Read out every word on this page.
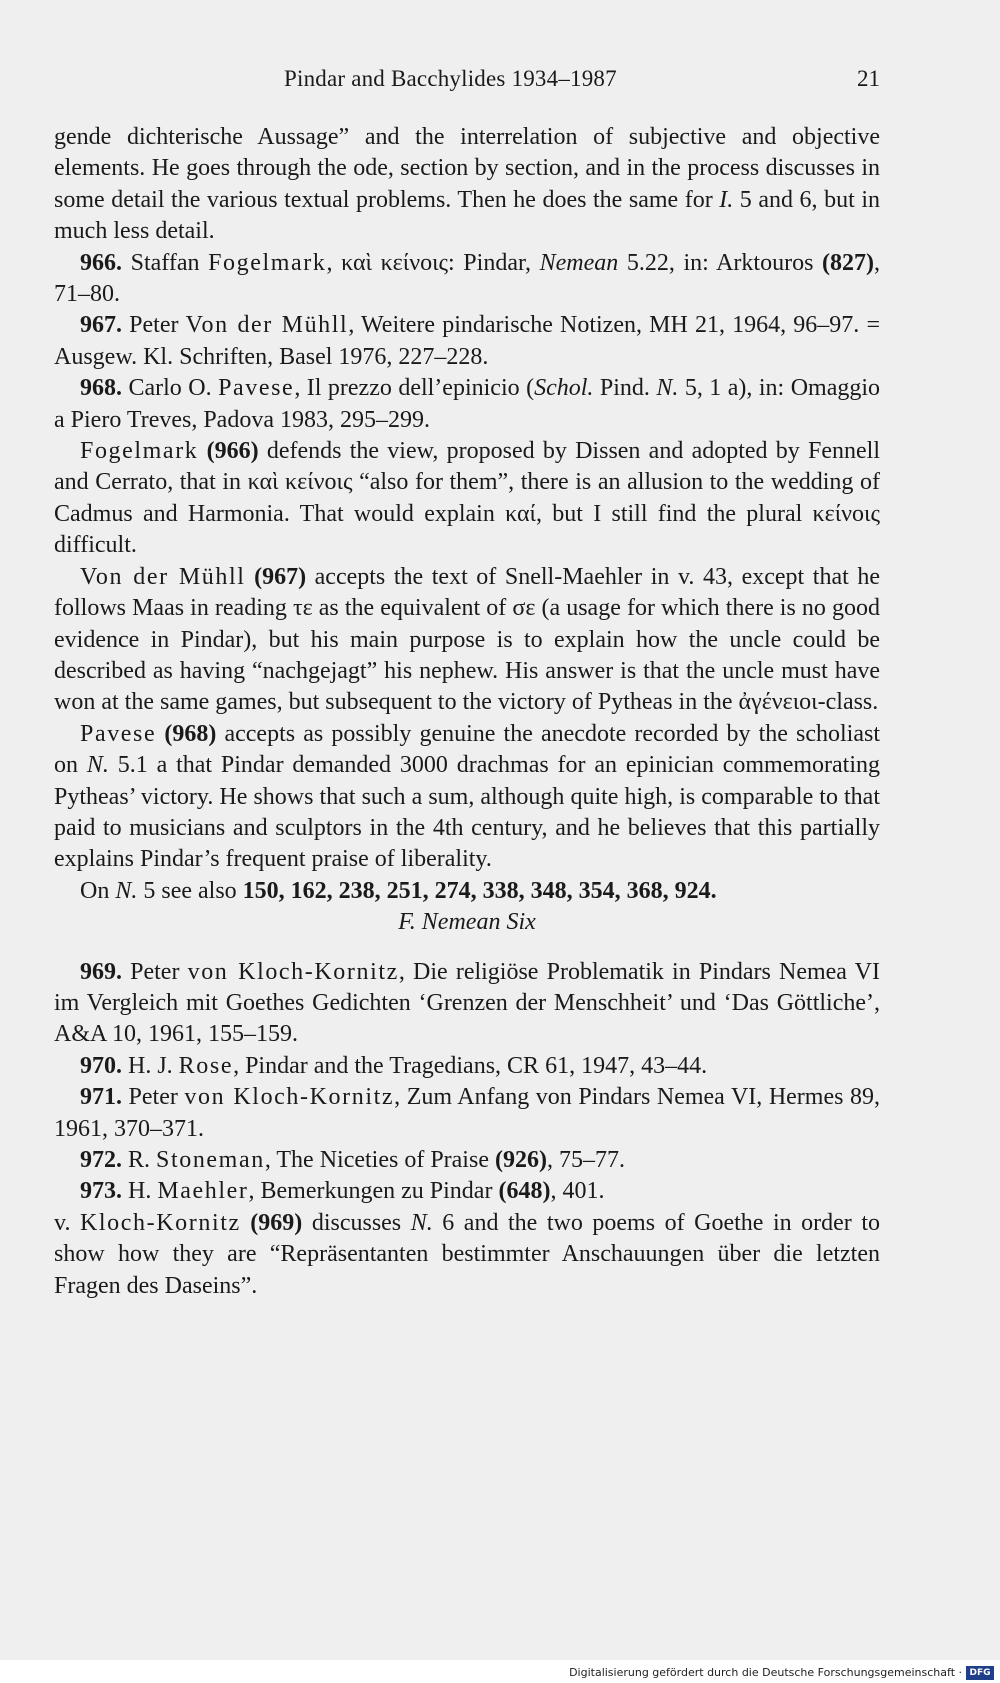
Pindar and Bacchylides 1934–1987	21

gende dichterische Aussage” and the interrelation of subjective and objective elements. He goes through the ode, section by section, and in the process discusses in some detail the various textual problems. Then he does the same for I. 5 and 6, but in much less detail.

966. Staffan Fogelmark, καὶ κείνοις: Pindar, Nemean 5.22, in: Arktouros (827), 71–80.

967. Peter Von der Mühll, Weitere pindarische Notizen, MH 21, 1964, 96–97. = Ausgew. Kl. Schriften, Basel 1976, 227–228.

968. Carlo O. Pavese, Il prezzo dell’epinicio (Schol. Pind. N. 5, 1 a), in: Omaggio a Piero Treves, Padova 1983, 295–299.

Fogelmark (966) defends the view, proposed by Dissen and adopted by Fennell and Cerrato, that in καὶ κείνοις “also for them”, there is an allusion to the wedding of Cadmus and Harmonia. That would explain καί, but I still find the plural κείνοις difficult.

Von der Mühll (967) accepts the text of Snell-Maehler in v. 43, except that he follows Maas in reading τε as the equivalent of σε (a usage for which there is no good evidence in Pindar), but his main purpose is to explain how the uncle could be described as having “nachgejagt” his nephew. His answer is that the uncle must have won at the same games, but subsequent to the victory of Pytheas in the ἀγένειοι-class.

Pavese (968) accepts as possibly genuine the anecdote recorded by the scholiast on N. 5.1 a that Pindar demanded 3000 drachmas for an epinician commemorating Pytheas’ victory. He shows that such a sum, although quite high, is comparable to that paid to musicians and sculptors in the 4th century, and he believes that this partially explains Pindar’s frequent praise of liberality.

On N. 5 see also 150, 162, 238, 251, 274, 338, 348, 354, 368, 924.

F. Nemean Six

969. Peter von Kloch-Kornitz, Die religiöse Problematik in Pindars Nemea VI im Vergleich mit Goethes Gedichten ‘Grenzen der Menschheit’ und ‘Das Göttliche’, A&A 10, 1961, 155–159.

970. H. J. Rose, Pindar and the Tragedians, CR 61, 1947, 43–44.

971. Peter von Kloch-Kornitz, Zum Anfang von Pindars Nemea VI, Hermes 89, 1961, 370–371.

972. R. Stoneman, The Niceties of Praise (926), 75–77.

973. H. Maehler, Bemerkungen zu Pindar (648), 401.

v. Kloch-Kornitz (969) discusses N. 6 and the two poems of Goethe in order to show how they are “Repräsentanten bestimmter Anschauungen über die letzten Fragen des Daseins”.

Digitalisierung gefördert durch die Deutsche Forschungsgemeinschaft · DFG
